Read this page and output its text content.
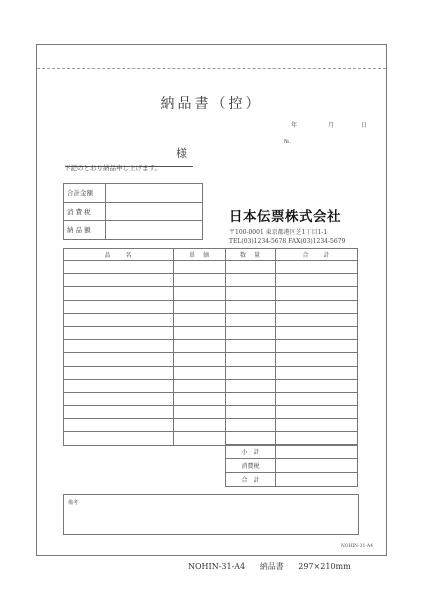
納品書（控）
年	月	日
№.
様
下記のとおり納品申し上げます。
合計金額	
消 費 税	
納 品 額	
日本伝票株式会社
〒100-0001 東京都港区芝1丁目1-1
TEL(03)1234-5678 FAX(03)1234-5679
品　　名	単　価	数　量	合　　計

小　計	
消費税	
合　計	
備考
NOHIN-31-A4
NOHIN-31-A4 納品書 297×210mm
